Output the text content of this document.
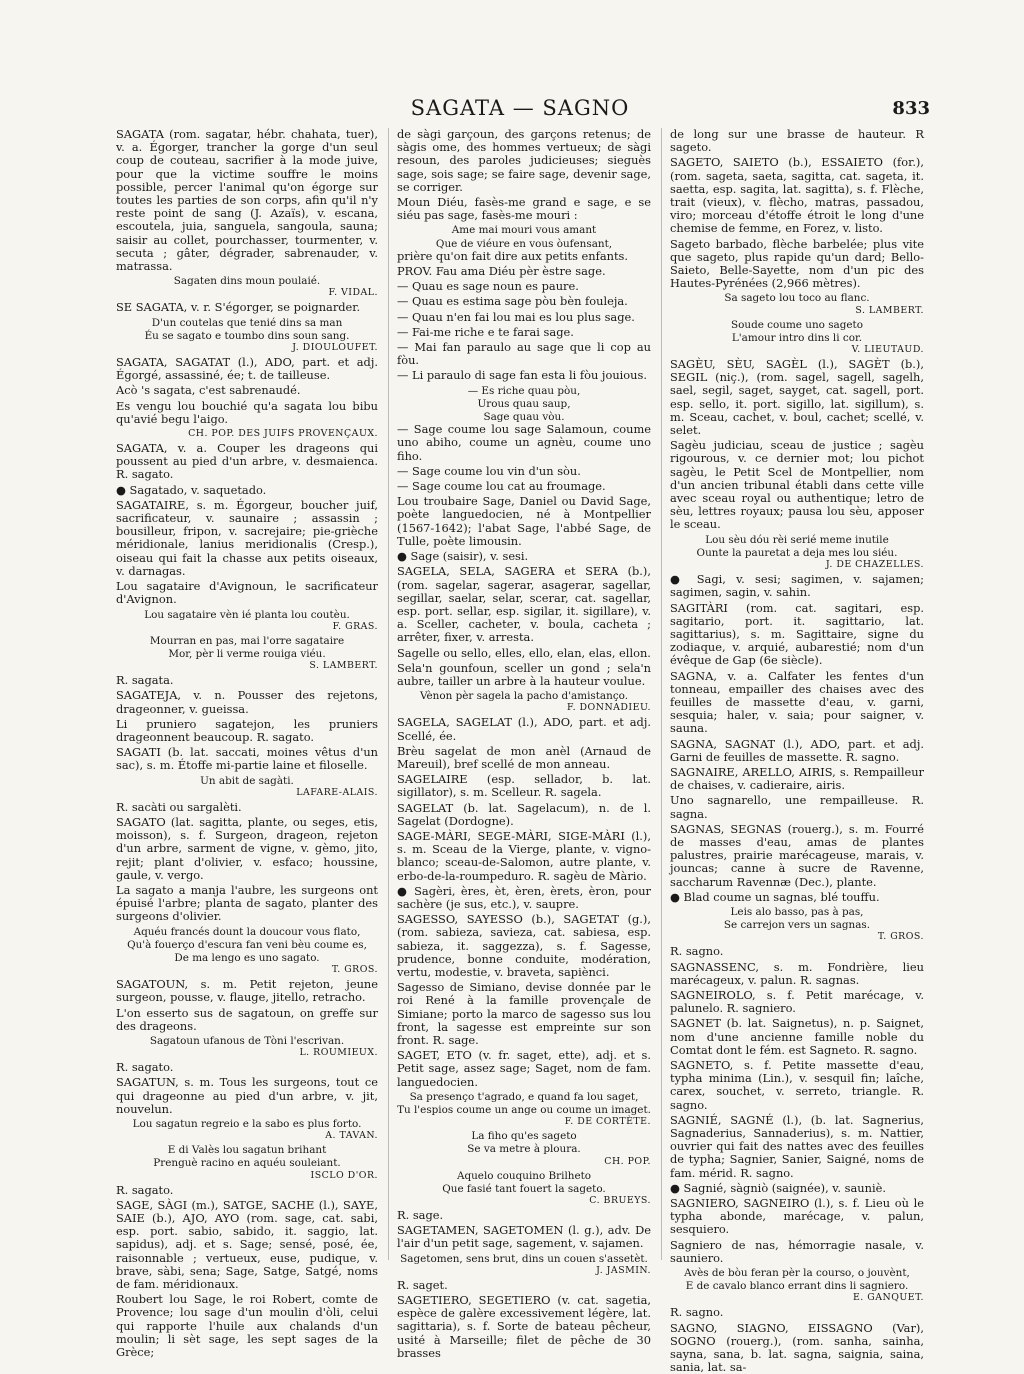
SAGATA — SAGNO	833

SAGATA (rom. sagatar, hébr. chahata, tuer), v. a. Égorger, trancher la gorge d'un seul coup de couteau, sacrifier à la mode juive, pour que la victime souffre le moins possible, percer l'animal qu'on égorge sur toutes les parties de son corps, afin qu'il n'y reste point de sang (J. Azaïs), v. escana, escoutela, juia, sanguela, sangoula, sauna; saisir au collet, pourchasser, tourmenter, v. secuta ; gâter, dégrader, sabrenauder, v. matrassa.

Sagaten dins moun poulaié.

F. VIDAL.

SE SAGATA, v. r. S'égorger, se poignarder.

D'un coutelas que tenié dins sa man

Éu se sagato e toumbo dins soun sang.

J. DIOULOUFET.

SAGATA, SAGATAT (l.), ADO, part. et adj. Égorgé, assassiné, ée; t. de tailleuse.

Acò 's sagata, c'est sabrenaudé.

Es vengu lou bouchié qu'a sagata lou bibu qu'avié begu l'aigo.

CH. POP. DES JUIFS PROVENÇAUX.

SAGATA, v. a. Couper les drageons qui poussent au pied d'un arbre, v. desmaienca. R. sagato.

● Sagatado, v. saquetado.

SAGATAIRE, s. m. Égorgeur, boucher juif, sacrificateur, v. saunaire ; assassin ; bousilleur, fripon, v. sacrejaire; pie-grièche méridionale, lanius meridionalis (Cresp.), oiseau qui fait la chasse aux petits oiseaux, v. darnagas.

Lou sagataire d'Avignoun, le sacrificateur d'Avignon.

Lou sagataire vèn ié planta lou coutèu.

F. GRAS.

Mourran en pas, mai l'orre sagataire

Mor, pèr li verme rouiga viéu.

S. LAMBERT.

R. sagata.

SAGATEJA, v. n. Pousser des rejetons, drageonner, v. gueissa.

Li pruniero sagatejon, les pruniers drageonnent beaucoup. R. sagato.

SAGATI (b. lat. saccati, moines vêtus d'un sac), s. m. Étoffe mi-partie laine et filoselle.

Un abit de sagàti.

LAFARE-ALAIS.

R. sacàti ou sargalèti.

SAGATO (lat. sagitta, plante, ou seges, etis, moisson), s. f. Surgeon, drageon, rejeton d'un arbre, sarment de vigne, v. gèmo, jito, rejit; plant d'olivier, v. esfaco; houssine, gaule, v. vergo.

La sagato a manja l'aubre, les surgeons ont épuisé l'arbre; planta de sagato, planter des surgeons d'olivier.

Aquéu francés dount la doucour vous flato,

Qu'à fouerço d'escura fan veni bèu coume es,

De ma lengo es uno sagato.

T. GROS.

SAGATOUN, s. m. Petit rejeton, jeune surgeon, pousse, v. flauge, jitello, retracho.

L'on esserto sus de sagatoun, on greffe sur des drageons.

Sagatoun ufanous de Tòni l'escrivan.

L. ROUMIEUX.

R. sagato.

SAGATUN, s. m. Tous les surgeons, tout ce qui drageonne au pied d'un arbre, v. jit, nouvelun.

Lou sagatun regreio e la sabo es plus forto.

A. TAVAN.

E di Valès lou sagatun brihant

Prenguè racino en aquéu souleiant.

ISCLO D'OR.

R. sagato.

SAGE, SÀGI (m.), SATGE, SACHE (l.), SAYE, SAIE (b.), AJO, AYO (rom. sage, cat. sabi, esp. port. sabio, sabido, it. saggio, lat. sapidus), adj. et s. Sage; sensé, posé, ée, raisonnable ; vertueux, euse, pudique, v. brave, sàbi, sena; Sage, Satge, Satgé, noms de fam. méridionaux.

Roubert lou Sage, le roi Robert, comte de Provence; lou sage d'un moulin d'òli, celui qui rapporte l'huile aux chalands d'un moulin; li sèt sage, les sept sages de la Grèce;

de sàgi garçoun, des garçons retenus; de sàgis ome, des hommes vertueux; de sàgi resoun, des paroles judicieuses; sieguès sage, sois sage; se faire sage, devenir sage, se corriger.

Moun Diéu, fasès-me grand e sage, e se siéu pas sage, fasès-me mouri :

Ame mai mouri vous amant

Que de viéure en vous òufensant,

prière qu'on fait dire aux petits enfants.

PROV. Fau ama Diéu pèr èstre sage.

— Quau es sage noun es paure.

— Quau es estima sage pòu bèn fouleja.

— Quau n'en fai lou mai es lou plus sage.

— Fai-me riche e te farai sage.

— Mai fan paraulo au sage que li cop au fòu.

— Li paraulo di sage fan esta li fòu jouious.

— Es riche quau pòu,

Urous quau saup,

Sage quau vòu.

— Sage coume lou sage Salamoun, coume uno abiho, coume un agnèu, coume uno fiho.

— Sage coume lou vin d'un sòu.

— Sage coume lou cat au froumage.

Lou troubaire Sage, Daniel ou David Sage, poète languedocien, né à Montpellier (1567-1642); l'abat Sage, l'abbé Sage, de Tulle, poète limousin.

● Sage (saisir), v. sesi.

SAGELA, SELA, SAGERA et SERA (b.), (rom. sagelar, sagerar, asagerar, sagellar, segillar, saelar, selar, scerar, cat. sagellar, esp. port. sellar, esp. sigilar, it. sigillare), v. a. Sceller, cacheter, v. boula, cacheta ; arrêter, fixer, v. arresta.

Sagelle ou sello, elles, ello, elan, elas, ellon.

Sela'n gounfoun, sceller un gond ; sela'n aubre, tailler un arbre à la hauteur voulue.

Vènon pèr sagela la pacho d'amistanço.

F. DONNADIEU.

SAGELA, SAGELAT (l.), ADO, part. et adj. Scellé, ée.

Brèu sagelat de mon anèl (Arnaud de Mareuil), bref scellé de mon anneau.

SAGELAIRE (esp. sellador, b. lat. sigillator), s. m. Scelleur. R. sagela.

SAGELAT (b. lat. Sagelacum), n. de l. Sagelat (Dordogne).

SAGE-MÀRI, SEGE-MÀRI, SIGE-MÀRI (l.), s. m. Sceau de la Vierge, plante, v. vigno-blanco; sceau-de-Salomon, autre plante, v. erbo-de-la-roumpeduro. R. sagèu de Màrio.

● Sagèri, ères, èt, èren, èrets, èron, pour sachère (je sus, etc.), v. saupre.

SAGESSO, SAYESSO (b.), SAGETAT (g.), (rom. sabieza, savieza, cat. sabiesa, esp. sabieza, it. saggezza), s. f. Sagesse, prudence, bonne conduite, modération, vertu, modestie, v. braveta, sapiènci.

Sagesso de Simiano, devise donnée par le roi René à la famille provençale de Simiane; porto la marco de sagesso sus lou front, la sagesse est empreinte sur son front. R. sage.

SAGET, ETO (v. fr. saget, ette), adj. et s. Petit sage, assez sage; Saget, nom de fam. languedocien.

Sa presenço t'agrado, e quand fa lou saget,

Tu l'espios coume un ange ou coume un imaget.

F. DE CORTÈTE.

La fiho qu'es sageto

Se va metre à ploura.

CH. POP.

Aquelo couquino Brilheto

Que fasié tant fouert la sageto.

C. BRUEYS.

R. sage.

SAGETAMEN, SAGETOMEN (l. g.), adv. De l'air d'un petit sage, sagement, v. sajamen.

Sagetomen, sens brut, dins un couen s'assetèt.

J. JASMIN.

R. saget.

SAGETIERO, SEGETIERO (v. cat. sagetia, espèce de galère excessivement légère, lat. sagittaria), s. f. Sorte de bateau pêcheur, usité à Marseille; filet de pêche de 30 brasses

de long sur une brasse de hauteur. R sageto.

SAGETO, SAIETO (b.), ESSAIETO (for.), (rom. sageta, saeta, sagitta, cat. sageta, it. saetta, esp. sagita, lat. sagitta), s. f. Flèche, trait (vieux), v. flècho, matras, passadou, viro; morceau d'étoffe étroit le long d'une chemise de femme, en Forez, v. listo.

Sageto barbado, flèche barbelée; plus vite que sageto, plus rapide qu'un dard; Bello-Saieto, Belle-Sayette, nom d'un pic des Hautes-Pyrénées (2,966 mètres).

Sa sageto lou toco au flanc.

S. LAMBERT.

Soude coume uno sageto

L'amour intro dins li cor.

V. LIEUTAUD.

SAGÈU, SÈU, SAGÈL (l.), SAGÈT (b.), SEGIL (niç.), (rom. sagel, sagell, sagelh, sael, segil, saget, sayget, cat. sagell, port. esp. sello, it. port. sigillo, lat. sigillum), s. m. Sceau, cachet, v. boul, cachet; scellé, v. selet.

Sagèu judiciau, sceau de justice ; sagèu rigourous, v. ce dernier mot; lou pichot sagèu, le Petit Scel de Montpellier, nom d'un ancien tribunal établi dans cette ville avec sceau royal ou authentique; letro de sèu, lettres royaux; pausa lou sèu, apposer le sceau.

Lou sèu dóu rèi serié meme inutile

Ounte la pauretat a deja mes lou siéu.

J. DE CHAZELLES.

● Sagi, v. sesi; sagimen, v. sajamen; sagimen, sagin, v. sahin.

SAGITÀRI (rom. cat. sagitari, esp. sagitario, port. it. sagittario, lat. sagittarius), s. m. Sagittaire, signe du zodiaque, v. arquié, aubarestié; nom d'un évêque de Gap (6e siècle).

SAGNA, v. a. Calfater les fentes d'un tonneau, empailler des chaises avec des feuilles de massette d'eau, v. garni, sesquia; haler, v. saia; pour saigner, v. sauna.

SAGNA, SAGNAT (l.), ADO, part. et adj. Garni de feuilles de massette. R. sagno.

SAGNAIRE, ARELLO, AIRIS, s. Rempailleur de chaises, v. cadieraire, airis.

Uno sagnarello, une rempailleuse. R. sagna.

SAGNAS, SEGNAS (rouerg.), s. m. Fourré de masses d'eau, amas de plantes palustres, prairie marécageuse, marais, v. jouncas; canne à sucre de Ravenne, saccharum Ravennæ (Dec.), plante.

● Blad coume un sagnas, blé touffu.

Leis alo basso, pas à pas,

Se carrejon vers un sagnas.

T. GROS.

R. sagno.

SAGNASSENC, s. m. Fondrière, lieu marécageux, v. palun. R. sagnas.

SAGNEIROLO, s. f. Petit marécage, v. palunelo. R. sagniero.

SAGNET (b. lat. Saignetus), n. p. Saignet, nom d'une ancienne famille noble du Comtat dont le fém. est Sagneto. R. sagno.

SAGNETO, s. f. Petite massette d'eau, typha minima (Lin.), v. sesquil fin; laîche, carex, souchet, v. serreto, triangle. R. sagno.

SAGNIÉ, SAGNÉ (l.), (b. lat. Sagnerius, Sagnaderius, Sannaderius), s. m. Nattier, ouvrier qui fait des nattes avec des feuilles de typha; Sagnier, Sanier, Saigné, noms de fam. mérid. R. sagno.

● Sagnié, sàgniò (saignée), v. sauniè.

SAGNIERO, SAGNEIRO (l.), s. f. Lieu où le typha abonde, marécage, v. palun, sesquiero.

Sagniero de nas, hémorragie nasale, v. sauniero.

Avès de bòu feran pèr la courso, o jouvènt,

E de cavalo blanco errant dins li sagniero.

E. GANQUET.

R. sagno.

SAGNO, SIAGNO, EISSAGNO (Var), SOGNO (rouerg.), (rom. sanha, sainha, sayna, sana, b. lat. sagna, saignia, saina, sania, lat. sa-
